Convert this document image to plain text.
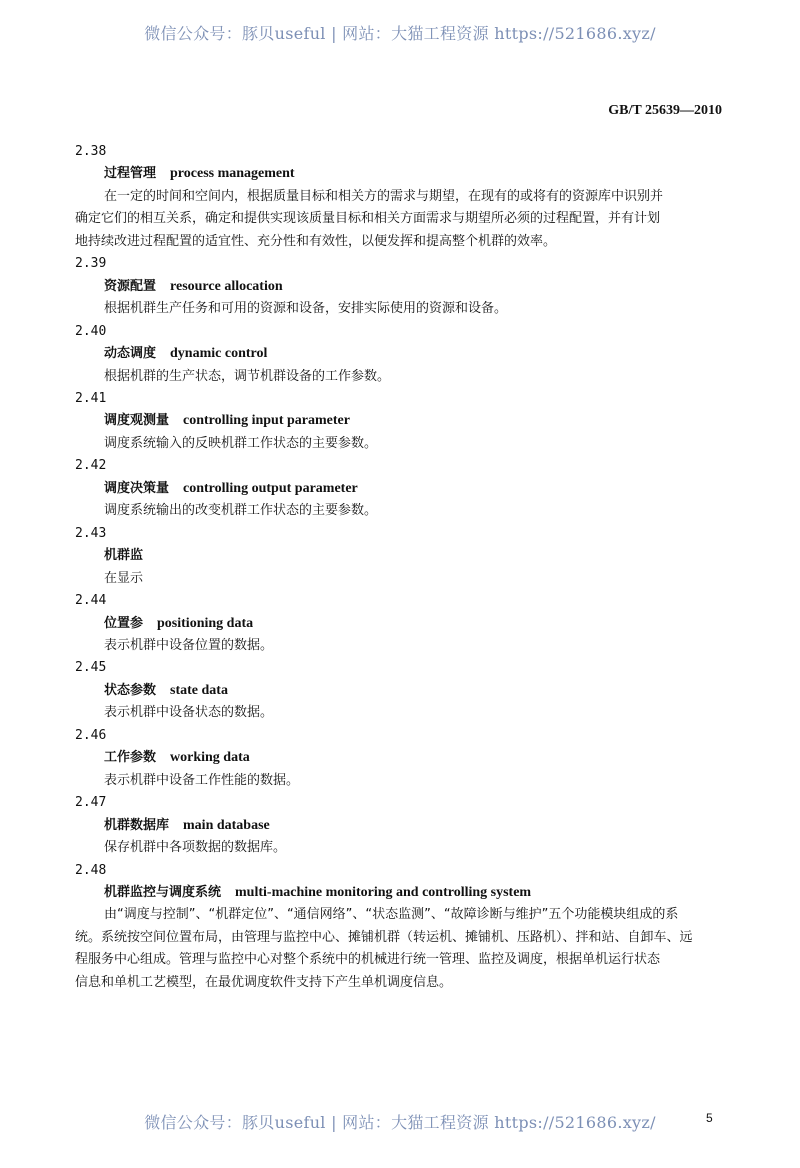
微信公众号：豚贝useful | 网站：大猫工程资源 https://521686.xyz/
GB/T 25639—2010
2.38
过程管理 process management
在一定的时间和空间内，根据质量目标和相关方的需求与期望，在现有的或将有的资源库中识别并
确定它们的相互关系，确定和提供实现该质量目标和相关方面需求与期望所必须的过程配置，并有计划
地持续改进过程配置的适宜性、充分性和有效性，以便发挥和提高整个机群的效率。
2.39
资源配置 resource allocation
根据机群生产任务和可用的资源和设备，安排实际使用的资源和设备。
2.40
动态调度 dynamic control
根据机群的生产状态，调节机群设备的工作参数。
2.41
调度观测量 controlling input parameter
调度系统输入的反映机群工作状态的主要参数。
2.42
调度决策量 controlling output parameter
调度系统输出的改变机群工作状态的主要参数。
2.43
机群监
在显示
2.44
位置参 positioning data
表示机群中设备位置的数据。
2.45
状态参数 state data
表示机群中设备状态的数据。
2.46
工作参数 working data
表示机群中设备工作性能的数据。
2.47
机群数据库 main database
保存机群中各项数据的数据库。
2.48
机群监控与调度系统 multi-machine monitoring and controlling system
由“调度与控制”、“机群定位”、“通信网络”、“状态监测”、“故障诊断与维护”五个功能模块组成的系
统。系统按空间位置布局，由管理与监控中心、摊铺机群（转运机、摊铺机、压路机）、拌和站、自卸车、远
程服务中心组成。管理与监控中心对整个系统中的机械进行统一管理、监控及调度，根据单机运行状态
信息和单机工艺模型，在最优调度软件支持下产生单机调度信息。
微信公众号：豚贝useful | 网站：大猫工程资源 https://521686.xyz/	5
